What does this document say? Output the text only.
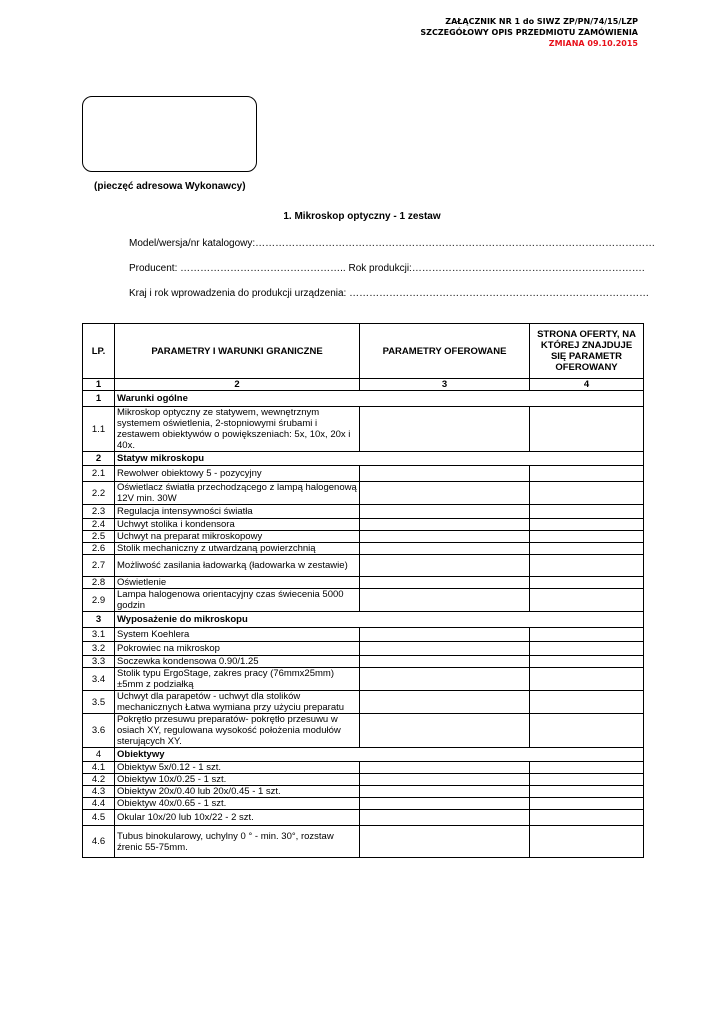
ZAŁĄCZNIK NR 1 do SIWZ ZP/PN/74/15/LZP
SZCZEGÓŁOWY OPIS PRZEDMIOTU ZAMÓWIENIA
ZMIANA 09.10.2015
(pieczęć adresowa Wykonawcy)
1. Mikroskop optyczny - 1 zestaw
Model/wersja/nr katalogowy:…………………………………………………………………………………………………………
Producent: ………………………………………….. Rok produkcji:…………………………………………………………….
Kraj i rok wprowadzenia do produkcji urządzenia: ………………………………………………………………………………
LP.	PARAMETRY I WARUNKI GRANICZNE	PARAMETRY OFEROWANE	STRONA OFERTY, NA KTÓREJ ZNAJDUJE SIĘ PARAMETR OFEROWANY
1	2	3	4
1	Warunki ogólne		
1.1	Mikroskop optyczny ze statywem, wewnętrznym systemem oświetlenia, 2-stopniowymi śrubami i zestawem obiektywów o powiększeniach: 5x, 10x, 20x i 40x.		
2	Statyw mikroskopu		
2.1	Rewolwer obiektowy 5 - pozycyjny		
2.2	Oświetlacz światła przechodzącego z lampą halogenową 12V min. 30W		
2.3	Regulacja intensywności światła		
2.4	Uchwyt stolika i kondensora		
2.5	Uchwyt na preparat mikroskopowy		
2.6	Stolik mechaniczny z utwardzaną powierzchnią		
2.7	Możliwość zasilania ładowarką (ładowarka w zestawie)		
2.8	Oświetlenie		
2.9	Lampa halogenowa orientacyjny czas świecenia 5000 godzin		
3	Wyposażenie do mikroskopu		
3.1	System Koehlera		
3.2	Pokrowiec na mikroskop		
3.3	Soczewka kondensowa 0.90/1.25		
3.4	Stolik typu ErgoStage, zakres pracy (76mmx25mm)±5mm z podziałką		
3.5	Uchwyt dla parapetów - uchwyt dla stolików mechanicznych Łatwa wymiana przy użyciu preparatu		
3.6	Pokrętło przesuwu preparatów- pokrętło przesuwu w osiach XY, regulowana wysokość położenia modułów sterujących XY.		
4	Obiektywy		
4.1	Obiektyw 5x/0.12 - 1 szt.		
4.2	Obiektyw 10x/0.25 - 1 szt.		
4.3	Obiektyw 20x/0.40 lub 20x/0.45 - 1 szt.		
4.4	Obiektyw 40x/0.65 - 1 szt.		
4.5	Okular 10x/20 lub 10x/22 - 2 szt.		
4.6	Tubus binokularowy, uchylny 0 ° - min. 30°, rozstaw źrenic 55-75mm.		
